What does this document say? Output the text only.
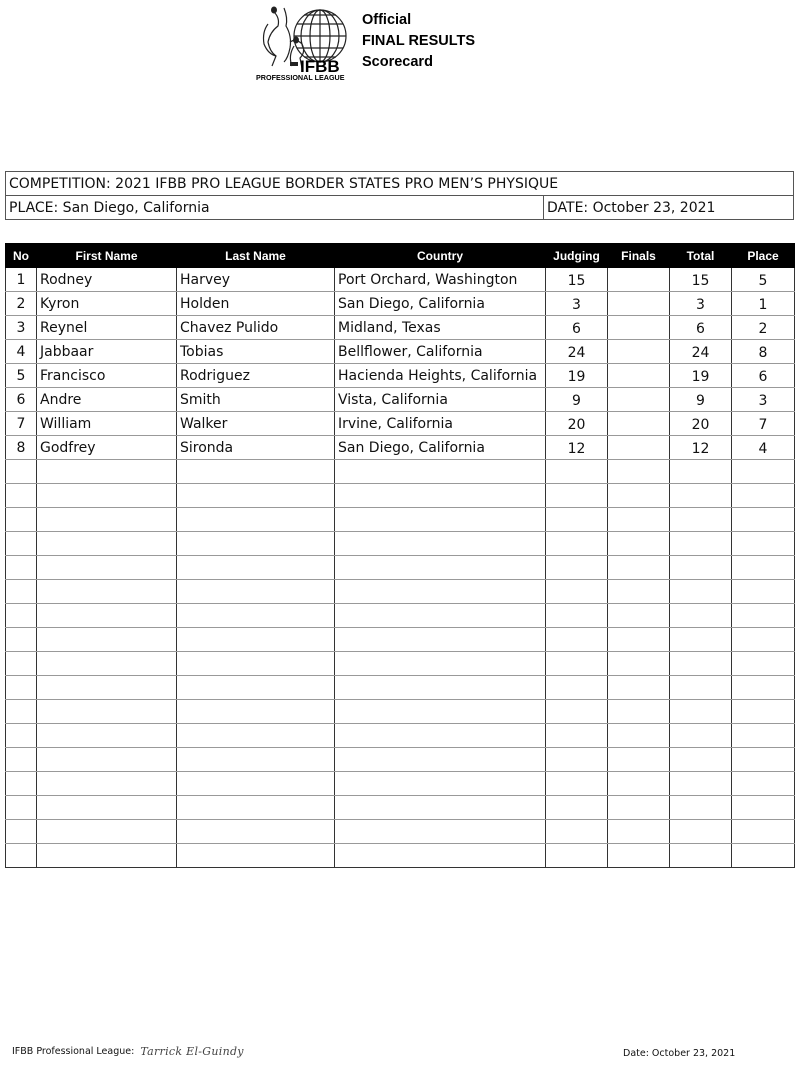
IFBB
PROFESSIONAL LEAGUE
Official
FINAL RESULTS
Scorecard
COMPETITION: 2021 IFBB PRO LEAGUE BORDER STATES PRO MEN’S PHYSIQUE
PLACE: San Diego, California	DATE: October 23, 2021
No	First Name	Last Name	Country	Judging	Finals	Total	Place
1	Rodney	Harvey	Port Orchard, Washington	15		15	5
2	Kyron	Holden	San Diego, California	3		3	1
3	Reynel	Chavez Pulido	Midland, Texas	6		6	2
4	Jabbaar	Tobias	Bellflower, California	24		24	8
5	Francisco	Rodriguez	Hacienda Heights, California	19		19	6
6	Andre	Smith	Vista, California	9		9	3
7	William	Walker	Irvine, California	20		20	7
8	Godfrey	Sironda	San Diego, California	12		12	4

IFBB Professional League: Tarrick El-Guindy	Date: October 23, 2021
